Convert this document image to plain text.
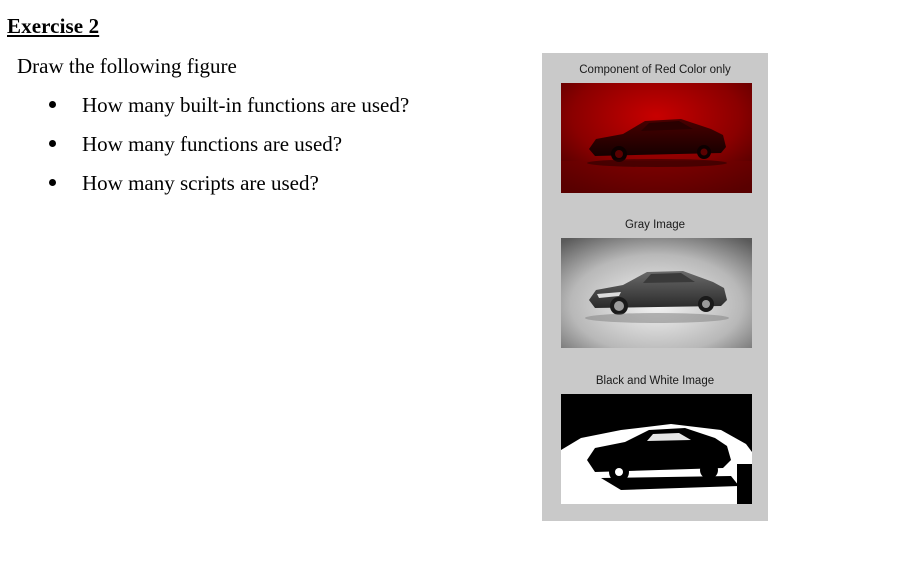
Exercise 2
Draw the following figure
How many built-in functions are used?
How many functions are used?
How many scripts are used?
Component of Red Color only
Gray Image
Black and White Image
